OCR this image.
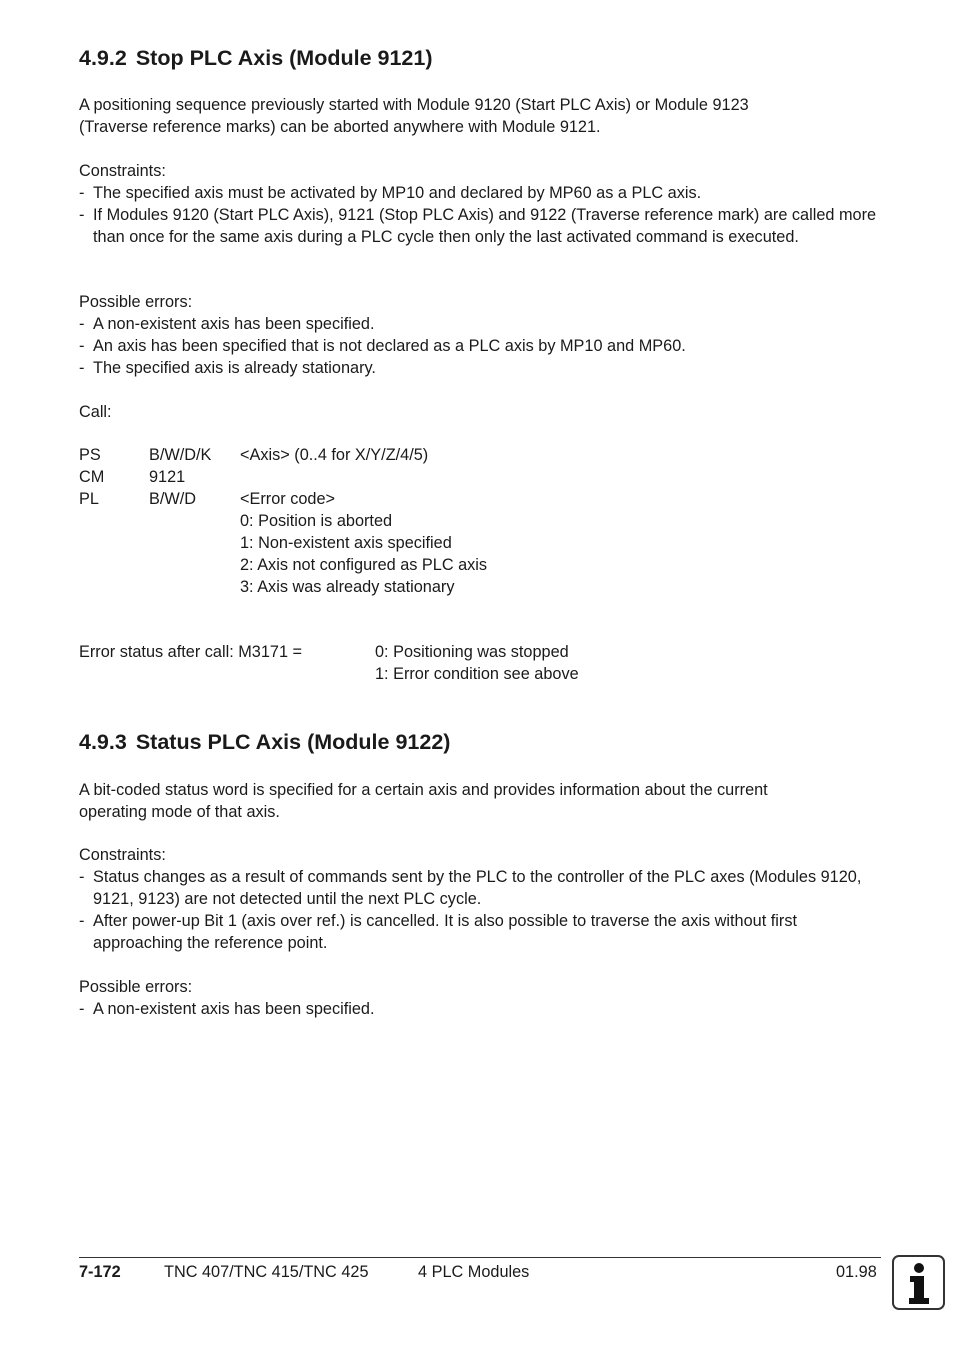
4.9.2 Stop PLC Axis (Module 9121)
A positioning sequence previously started with Module 9120 (Start PLC Axis) or Module 9123
(Traverse reference marks) can be aborted anywhere with Module 9121.
Constraints:
- The specified axis must be activated by MP10 and declared by MP60 as a PLC axis.
- If Modules 9120 (Start PLC Axis), 9121 (Stop PLC Axis) and 9122 (Traverse reference mark) are called more than once for the same axis during a PLC cycle then only the last activated command is executed.
Possible errors:
- A non-existent axis has been specified.
- An axis has been specified that is not declared as a PLC axis by MP10 and MP60.
- The specified axis is already stationary.
Call:
PS	B/W/D/K <Axis> (0..4 for X/Y/Z/4/5)
CM	9121
PL	B/W/D	<Error code>
0: Position is aborted
1: Non-existent axis specified
2: Axis not configured as PLC axis
3: Axis was already stationary
Error status after call: M3171 =	0: Positioning was stopped
1: Error condition see above
4.9.3 Status PLC Axis (Module 9122)
A bit-coded status word is specified for a certain axis and provides information about the current
operating mode of that axis.
Constraints:
- Status changes as a result of commands sent by the PLC to the controller of the PLC axes (Modules 9120, 9121, 9123) are not detected until the next PLC cycle.
- After power-up Bit 1 (axis over ref.) is cancelled. It is also possible to traverse the axis without first approaching the reference point.
Possible errors:
- A non-existent axis has been specified.
7-172	TNC 407/TNC 415/TNC 425	4 PLC Modules	01.98
